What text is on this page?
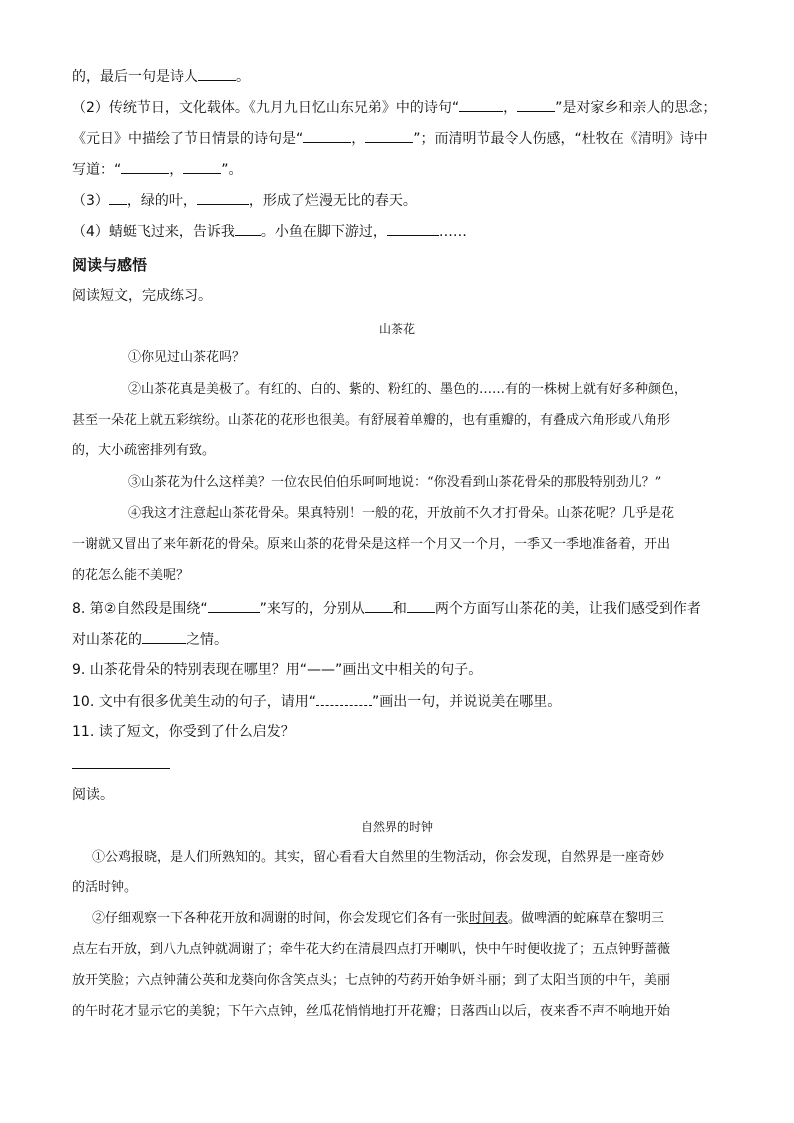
的，最后一句是诗人	。
（2）传统节日，文化载体。《九月九日忆山东兄弟》中的诗句“	，	”是对家乡和亲人的思念；
《元日》中描绘了节日情景的诗句是“	，	”；而清明节最令人伤感，“杜牧在《清明》诗中
写道：“	，	”。
（3） ，绿的叶，	，形成了烂漫无比的春天。
（4）蜻蜓飞过来，告诉我 。小鱼在脚下游过，	……
阅读与感悟
阅读短文，完成练习。
山茶花
①你见过山茶花吗？
②山茶花真是美极了。有红的、白的、紫的、粉红的、墨色的……有的一株树上就有好多种颜色，
甚至一朵花上就五彩缤纷。山茶花的花形也很美。有舒展着单瓣的，也有重瓣的，有叠成六角形或八角形
的，大小疏密排列有致。
③山茶花为什么这样美？一位农民伯伯乐呵呵地说：“你没看到山茶花骨朵的那股特别劲儿？”
④我这才注意起山茶花骨朵。果真特别！一般的花，开放前不久才打骨朵。山茶花呢？几乎是花
一谢就又冒出了来年新花的骨朵。原来山茶的花骨朵是这样一个月又一个月，一季又一季地准备着，开出
的花怎么能不美呢？
8. 第②自然段是围绕“	”来写的，分别从 和 两个方面写山茶花的美，让我们感受到作者
对山茶花的	之情。
9. 山茶花骨朵的特别表现在哪里？用“——”画出文中相关的句子。
10. 文中有很多优美生动的句子，请用“	”画出一句，并说说美在哪里。
11. 读了短文，你受到了什么启发？
阅读。
自然界的时钟
①公鸡报晓，是人们所熟知的。其实，留心看看大自然里的生物活动，你会发现，自然界是一座奇妙
的活时钟。
②仔细观察一下各种花开放和凋谢的时间，你会发现它们各有一张时间表。做啤酒的蛇麻草在黎明三
点左右开放，到八九点钟就凋谢了；牵牛花大约在清晨四点打开喇叭，快中午时便收拢了；五点钟野蔷薇
放开笑脸；六点钟蒲公英和龙葵向你含笑点头；七点钟的芍药开始争妍斗丽；到了太阳当顶的中午，美丽
的午时花才显示它的美貌；下午六点钟，丝瓜花悄悄地打开花瓣；日落西山以后，夜来香不声不响地开始
